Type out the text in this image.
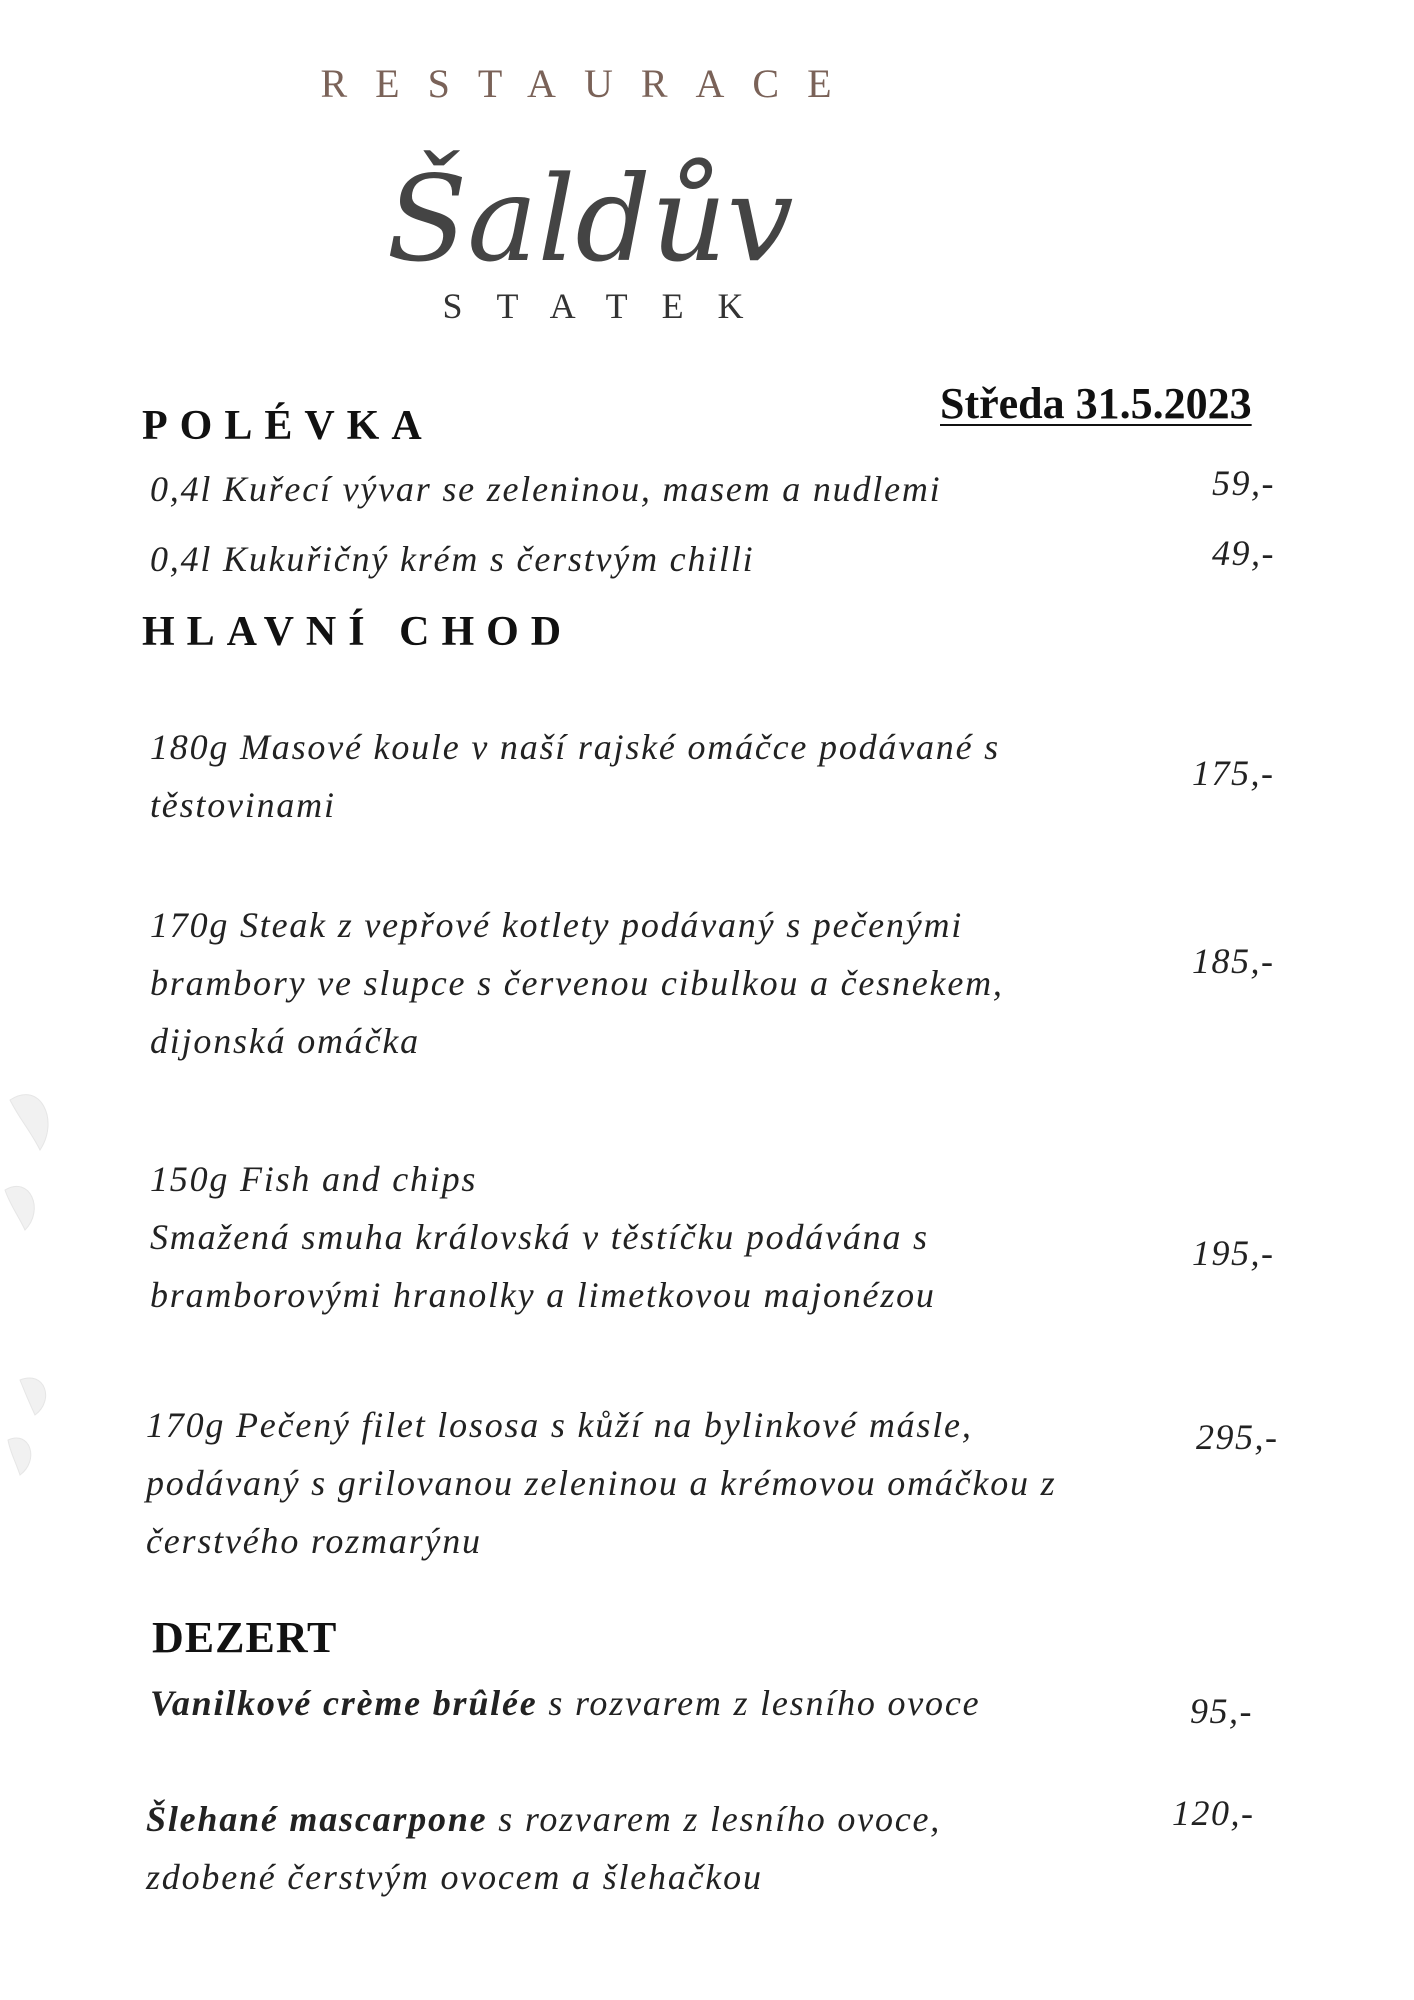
RESTAURACE
Šaldův
STATEK
Středa 31.5.2023
POLÉVKA
0,4l Kuřecí vývar se zeleninou, masem a nudlemi	59,-
0,4l Kukuřičný krém s čerstvým chilli	49,-
HLAVNÍ CHOD
180g Masové koule v naší rajské omáčce podávané s
těstovinami
175,-
170g Steak z vepřové kotlety podávaný s pečenými
brambory ve slupce s červenou cibulkou a česnekem,
dijonská omáčka
185,-
150g Fish and chips
Smažená smuha královská v těstíčku podávána s
bramborovými hranolky a limetkovou majonézou
195,-
170g Pečený filet lososa s kůží na bylinkové másle,
podávaný s grilovanou zeleninou a krémovou omáčkou z
čerstvého rozmarýnu
295,-
DEZERT
Vanilkové crème brûlée s rozvarem z lesního ovoce	95,-
Šlehané mascarpone s rozvarem z lesního ovoce,
zdobené čerstvým ovocem a šlehačkou
120,-
